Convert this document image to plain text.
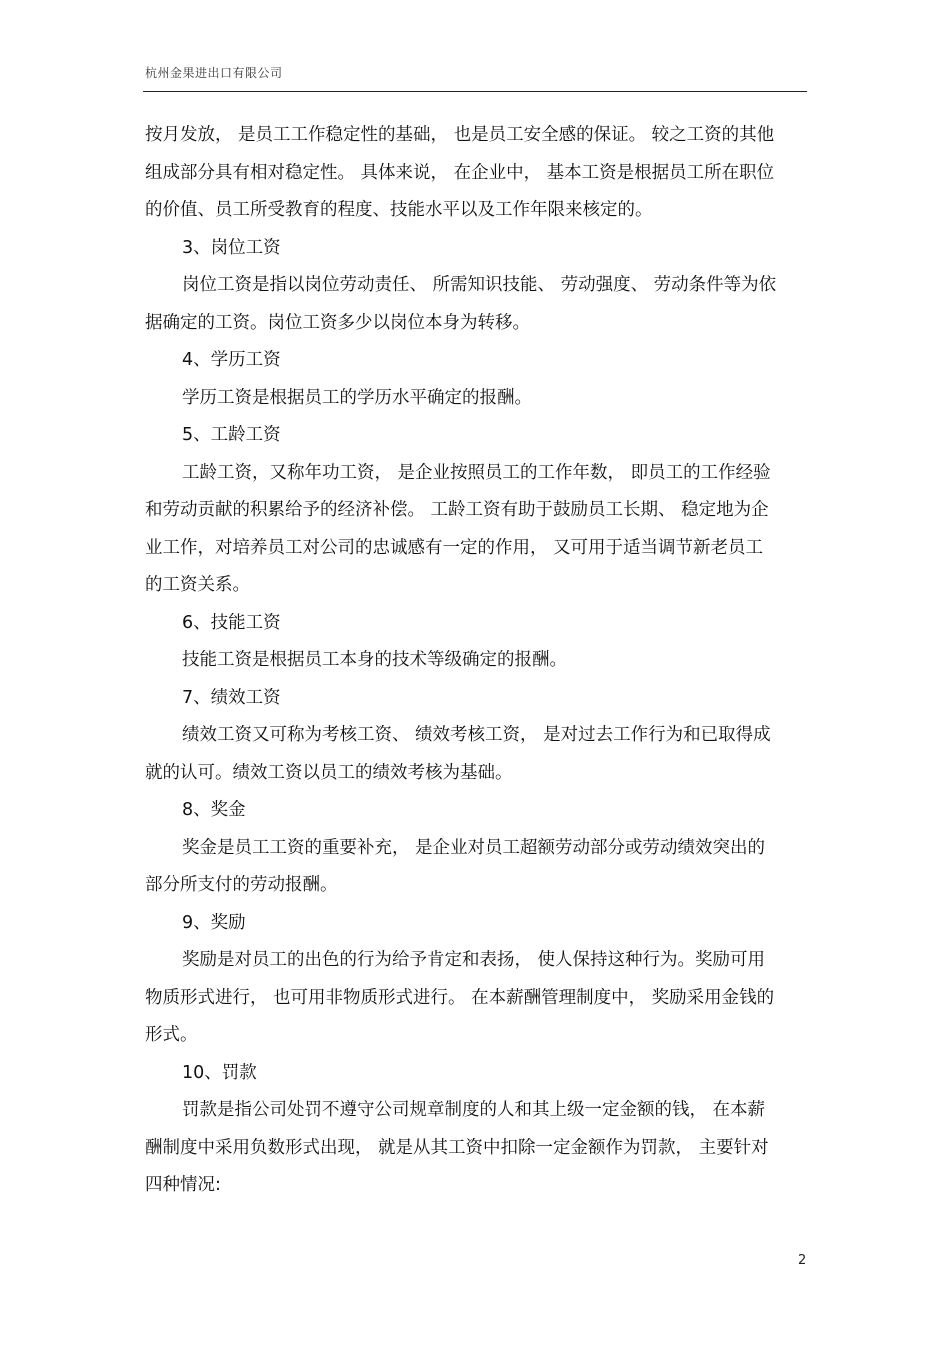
杭州金果进出口有限公司
按月发放， 是员工工作稳定性的基础， 也是员工安全感的保证。 较之工资的其他
组成部分具有相对稳定性。 具体来说， 在企业中， 基本工资是根据员工所在职位
的价值、员工所受教育的程度、技能水平以及工作年限来核定的。
3、岗位工资
岗位工资是指以岗位劳动责任、 所需知识技能、 劳动强度、 劳动条件等为依
据确定的工资。岗位工资多少以岗位本身为转移。
4、学历工资
学历工资是根据员工的学历水平确定的报酬。
5、工龄工资
工龄工资，又称年功工资， 是企业按照员工的工作年数， 即员工的工作经验
和劳动贡献的积累给予的经济补偿。 工龄工资有助于鼓励员工长期、 稳定地为企
业工作，对培养员工对公司的忠诚感有一定的作用， 又可用于适当调节新老员工
的工资关系。
6、技能工资
技能工资是根据员工本身的技术等级确定的报酬。
7、绩效工资
绩效工资又可称为考核工资、 绩效考核工资， 是对过去工作行为和已取得成
就的认可。绩效工资以员工的绩效考核为基础。
8、奖金
奖金是员工工资的重要补充， 是企业对员工超额劳动部分或劳动绩效突出的
部分所支付的劳动报酬。
9、奖励
奖励是对员工的出色的行为给予肯定和表扬， 使人保持这种行为。奖励可用
物质形式进行， 也可用非物质形式进行。 在本薪酬管理制度中， 奖励采用金钱的
形式。
10、罚款
罚款是指公司处罚不遵守公司规章制度的人和其上级一定金额的钱， 在本薪
酬制度中采用负数形式出现， 就是从其工资中扣除一定金额作为罚款， 主要针对
四种情况:
2
